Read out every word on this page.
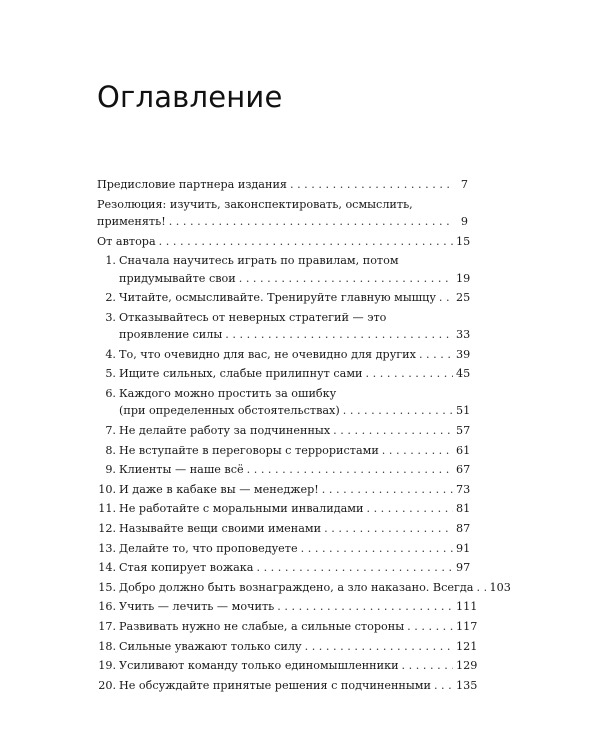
Оглавление
Предисловие партнера издания . . .	7
Резолюция: изучить, законспектировать, осмыслить,
применять! . . .	9
От автора . . .	15
1. Сначала научитесь играть по правилам, потом
придумывайте свои . . .	19
2. Читайте, осмысливайте. Тренируйте главную мышцу . . . 25
3. Отказывайтесь от неверных стратегий — это
проявление силы . . .	33
4. То, что очевидно для вас, не очевидно для других . . .	39
5. Ищите сильных, слабые прилипнут сами . . .	45
6. Каждого можно простить за ошибку
(при определенных обстоятельствах) . . .	51
7. Не делайте работу за подчиненных . . .	57
8. Не вступайте в переговоры с террористами . . .	61
9. Клиенты — наше всё . . .	67
10. И даже в кабаке вы — менеджер! . . .	73
11. Не работайте с моральными инвалидами . . .	81
12. Называйте вещи своими именами . . .	87
13. Делайте то, что проповедуете . . .	91
14. Стая копирует вожака . . .	97
15. Добро должно быть вознаграждено, а зло наказано. Всегда . . . 103
16. Учить — лечить — мочить . . .	111
17. Развивать нужно не слабые, а сильные стороны . . .	117
18. Сильные уважают только силу . . .	121
19. Усиливают команду только единомышленники . . .	129
20. Не обсуждайте принятые решения с подчиненными . . . 135
